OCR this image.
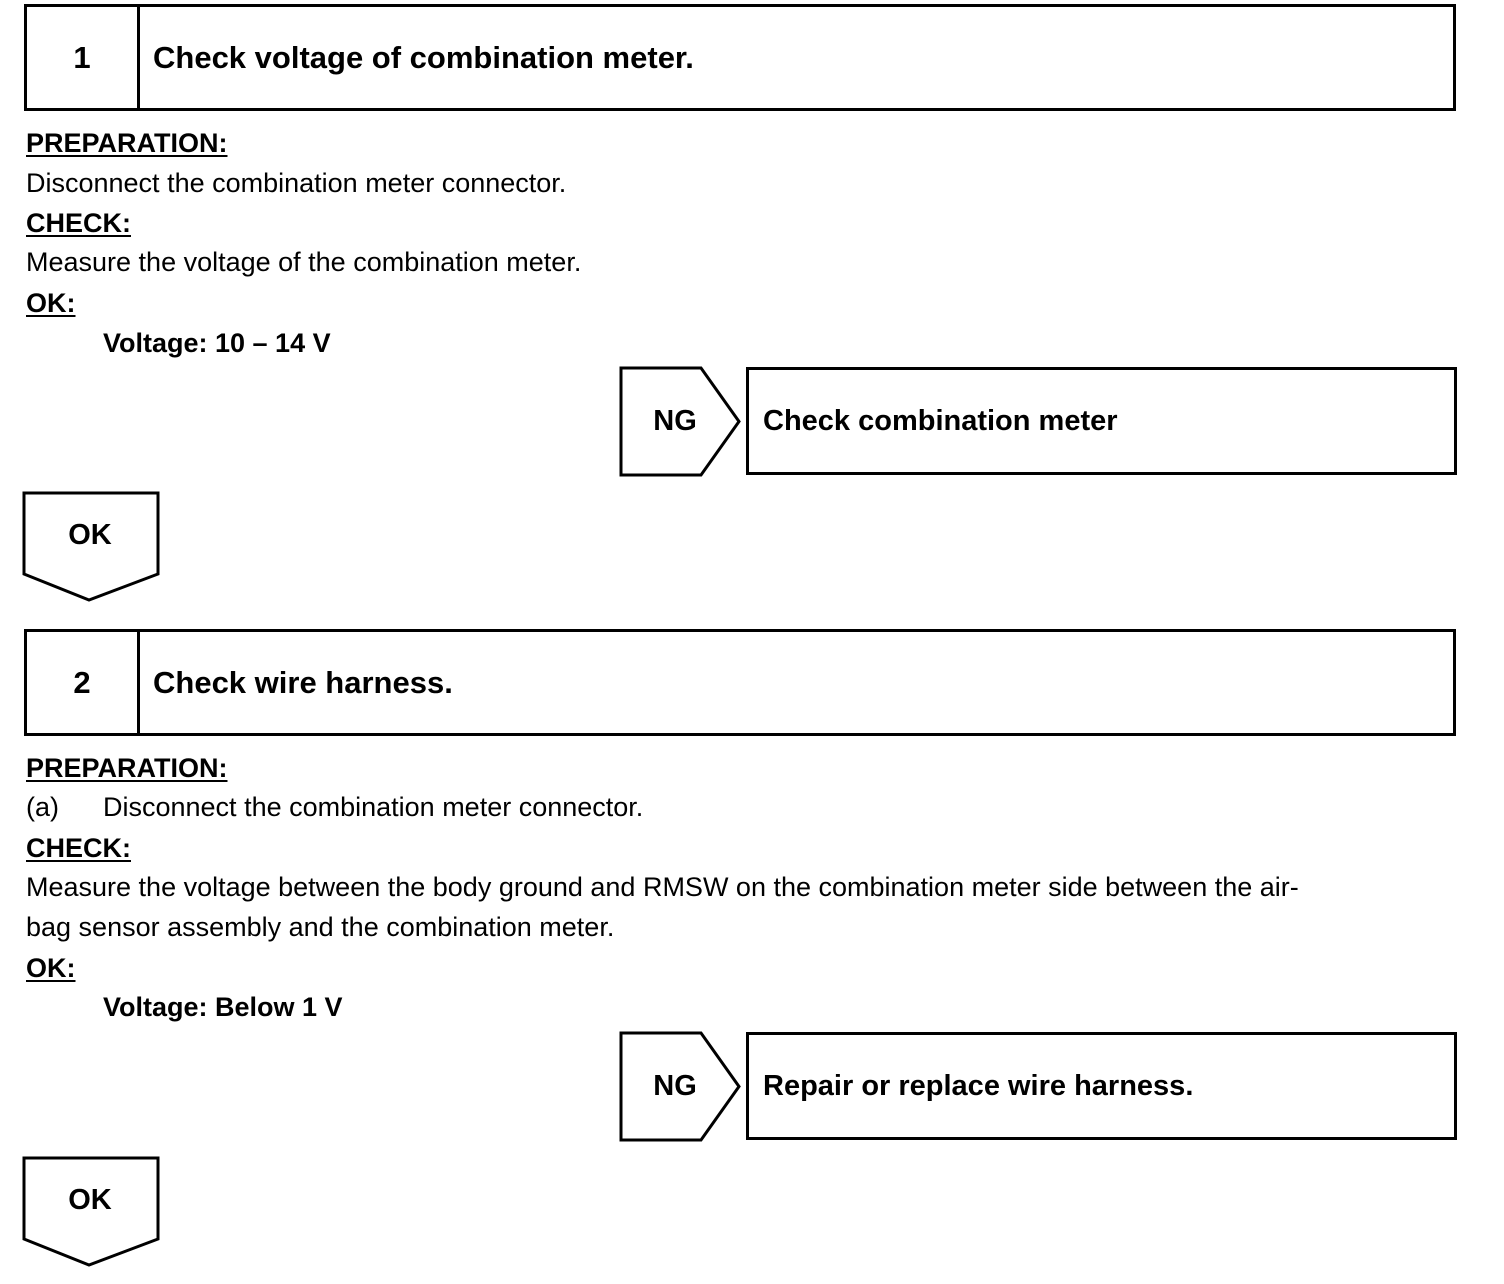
1	Check voltage of combination meter.
PREPARATION:
Disconnect the combination meter connector.
CHECK:
Measure the voltage of the combination meter.
OK:
Voltage: 10 – 14 V
NG	Check combination meter
OK
2	Check wire harness.
PREPARATION:
(a) Disconnect the combination meter connector.
CHECK:
Measure the voltage between the body ground and RMSW on the combination meter side between the air-
bag sensor assembly and the combination meter.
OK:
Voltage: Below 1 V
NG	Repair or replace wire harness.
OK
